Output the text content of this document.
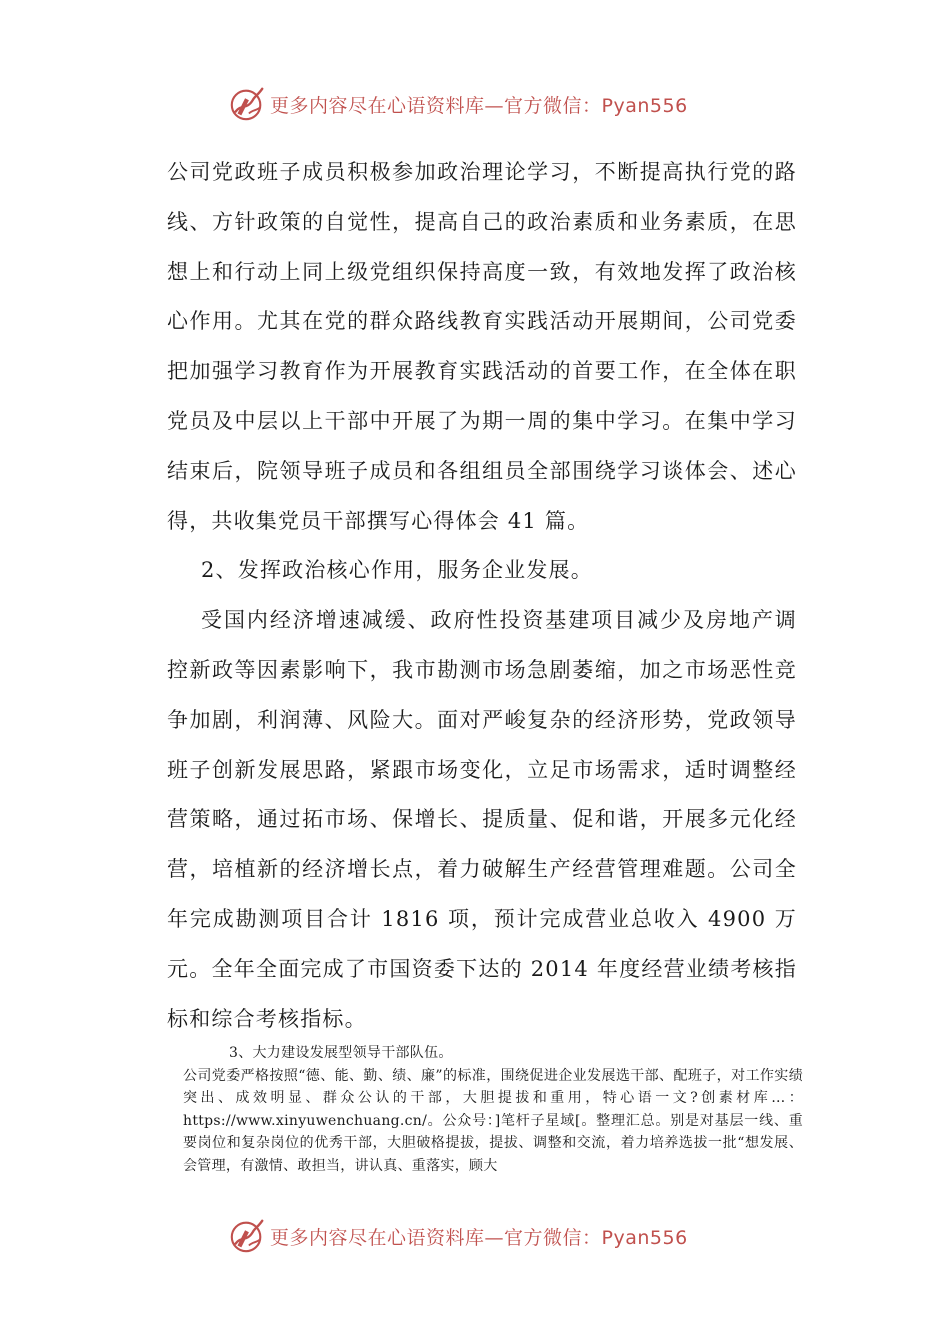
更多内容尽在心语资料库—官方微信：Pyan556

公司党政班子成员积极参加政治理论学习，不断提高执行党的路线、方针政策的自觉性，提高自己的政治素质和业务素质，在思想上和行动上同上级党组织保持高度一致，有效地发挥了政治核心作用。尤其在党的群众路线教育实践活动开展期间，公司党委把加强学习教育作为开展教育实践活动的首要工作，在全体在职党员及中层以上干部中开展了为期一周的集中学习。在集中学习结束后，院领导班子成员和各组组员全部围绕学习谈体会、述心得，共收集党员干部撰写心得体会 41 篇。

2、发挥政治核心作用，服务企业发展。

受国内经济增速减缓、政府性投资基建项目减少及房地产调控新政等因素影响下，我市勘测市场急剧萎缩，加之市场恶性竞争加剧，利润薄、风险大。面对严峻复杂的经济形势，党政领导班子创新发展思路，紧跟市场变化，立足市场需求，适时调整经营策略，通过拓市场、保增长、提质量、促和谐，开展多元化经营，培植新的经济增长点，着力破解生产经营管理难题。公司全年完成勘测项目合计 1816 项，预计完成营业总收入 4900 万元。全年全面完成了市国资委下达的 2014 年度经营业绩考核指标和综合考核指标。

3、大力建设发展型领导干部队伍。

公司党委严格按照“德、能、勤、绩、廉”的标准，围绕促进企业发展选干部、配班子，对工作实绩突出、成效明显、群众公认的干部，大胆提拔和重用，特心语一文?创素材库…：https://www.xinyuwenchuang.cn/。公众号：]笔杆子星域[。整理汇总。别是对基层一线、重要岗位和复杂岗位的优秀干部，大胆破格提拔，提拔、调整和交流，着力培养选拔一批“想发展、会管理，有激情、敢担当，讲认真、重落实，顾大

更多内容尽在心语资料库—官方微信：Pyan556
